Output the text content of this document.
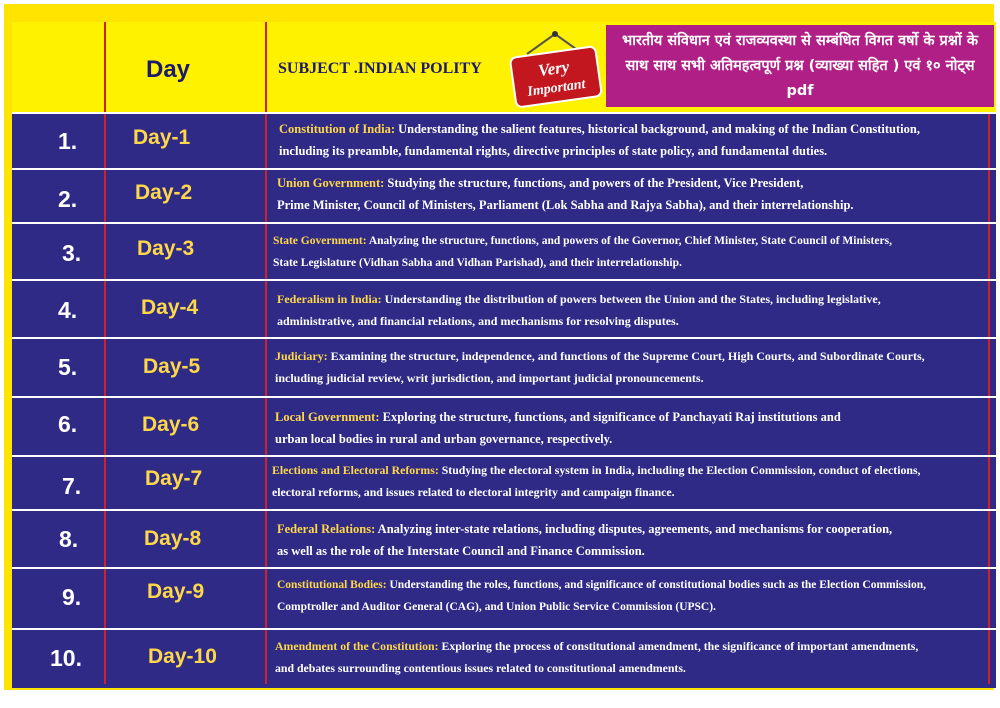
Day	SUBJECT .INDIAN POLITY	Very
Important
भारतीय संविधान एवं राजव्यवस्था से सम्बंधित विगत वर्षो के प्रश्नों के साथ साथ सभी अतिमहत्वपूर्ण प्रश्न (व्याख्या सहित ) एवं १० नोट्स pdf
1.	Day-1	Constitution of India: Understanding the salient features, historical background, and making of the Indian Constitution,
including its preamble, fundamental rights, directive principles of state policy, and fundamental duties.
2.	Day-2	Union Government: Studying the structure, functions, and powers of the President, Vice President,
Prime Minister, Council of Ministers, Parliament (Lok Sabha and Rajya Sabha), and their interrelationship.
3.	Day-3	State Government: Analyzing the structure, functions, and powers of the Governor, Chief Minister, State Council of Ministers,
State Legislature (Vidhan Sabha and Vidhan Parishad), and their interrelationship.
4.	Day-4	Federalism in India: Understanding the distribution of powers between the Union and the States, including legislative,
administrative, and financial relations, and mechanisms for resolving disputes.
5.	Day-5	Judiciary: Examining the structure, independence, and functions of the Supreme Court, High Courts, and Subordinate Courts,
including judicial review, writ jurisdiction, and important judicial pronouncements.
6.	Day-6	Local Government: Exploring the structure, functions, and significance of Panchayati Raj institutions and
urban local bodies in rural and urban governance, respectively.
7.	Day-7	Elections and Electoral Reforms: Studying the electoral system in India, including the Election Commission, conduct of elections,
electoral reforms, and issues related to electoral integrity and campaign finance.
8.	Day-8	Federal Relations: Analyzing inter-state relations, including disputes, agreements, and mechanisms for cooperation,
as well as the role of the Interstate Council and Finance Commission.
9.	Day-9	Constitutional Bodies: Understanding the roles, functions, and significance of constitutional bodies such as the Election Commission,
Comptroller and Auditor General (CAG), and Union Public Service Commission (UPSC).
10.	Day-10	Amendment of the Constitution: Exploring the process of constitutional amendment, the significance of important amendments,
and debates surrounding contentious issues related to constitutional amendments.
